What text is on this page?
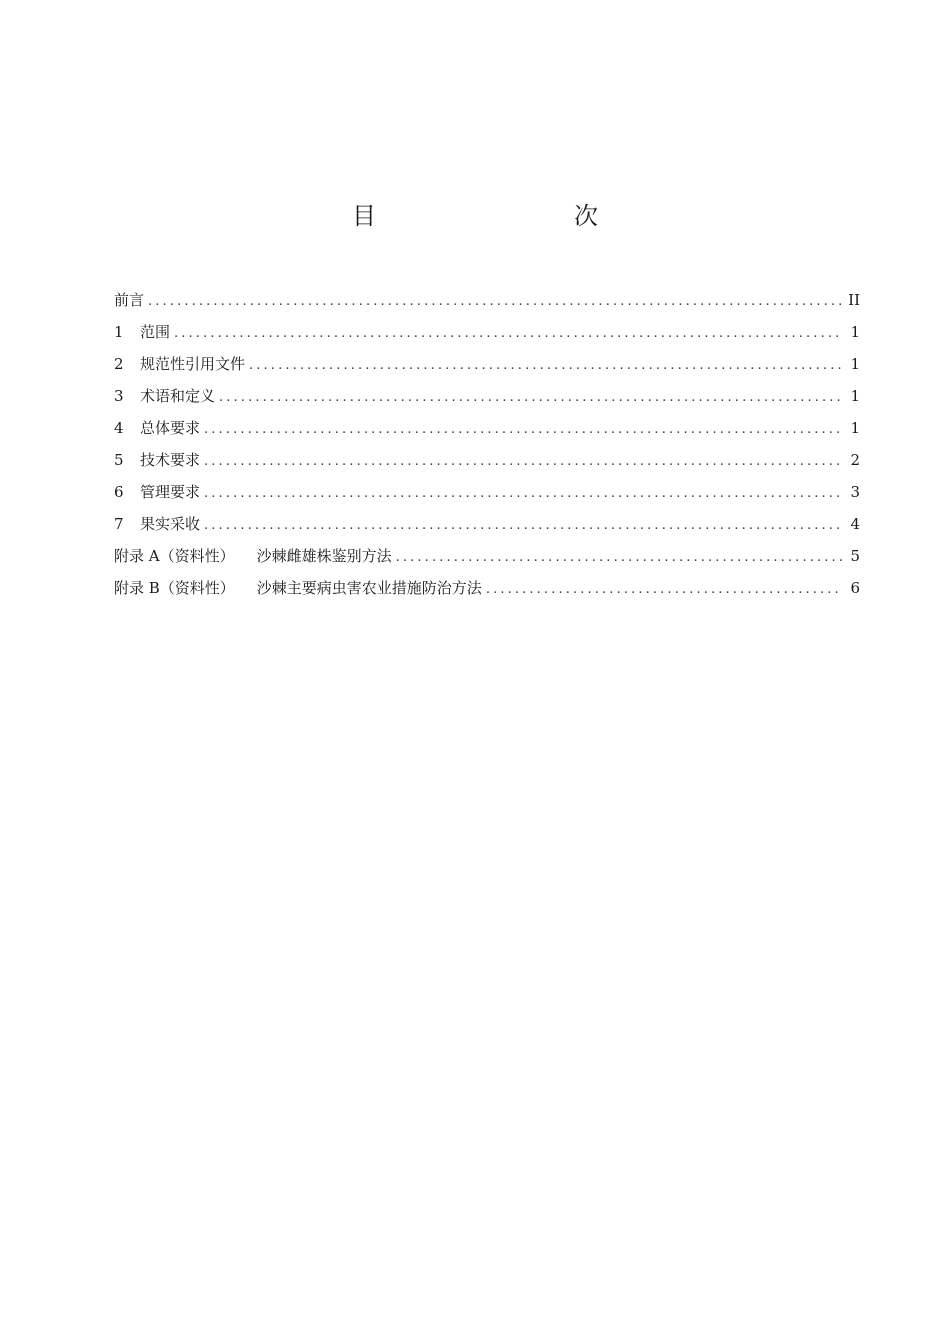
目　　次
前言 . . .	II
1	范围 . . .	1
2	规范性引用文件 . . .	1
3	术语和定义 . . .	1
4	总体要求 . . .	1
5	技术要求 . . .	2
6	管理要求 . . .	3
7	果实采收 . . .	4
附录 A（资料性） 沙棘雌雄株鉴别方法 . . .	5
附录 B（资料性） 沙棘主要病虫害农业措施防治方法 . . .	6
